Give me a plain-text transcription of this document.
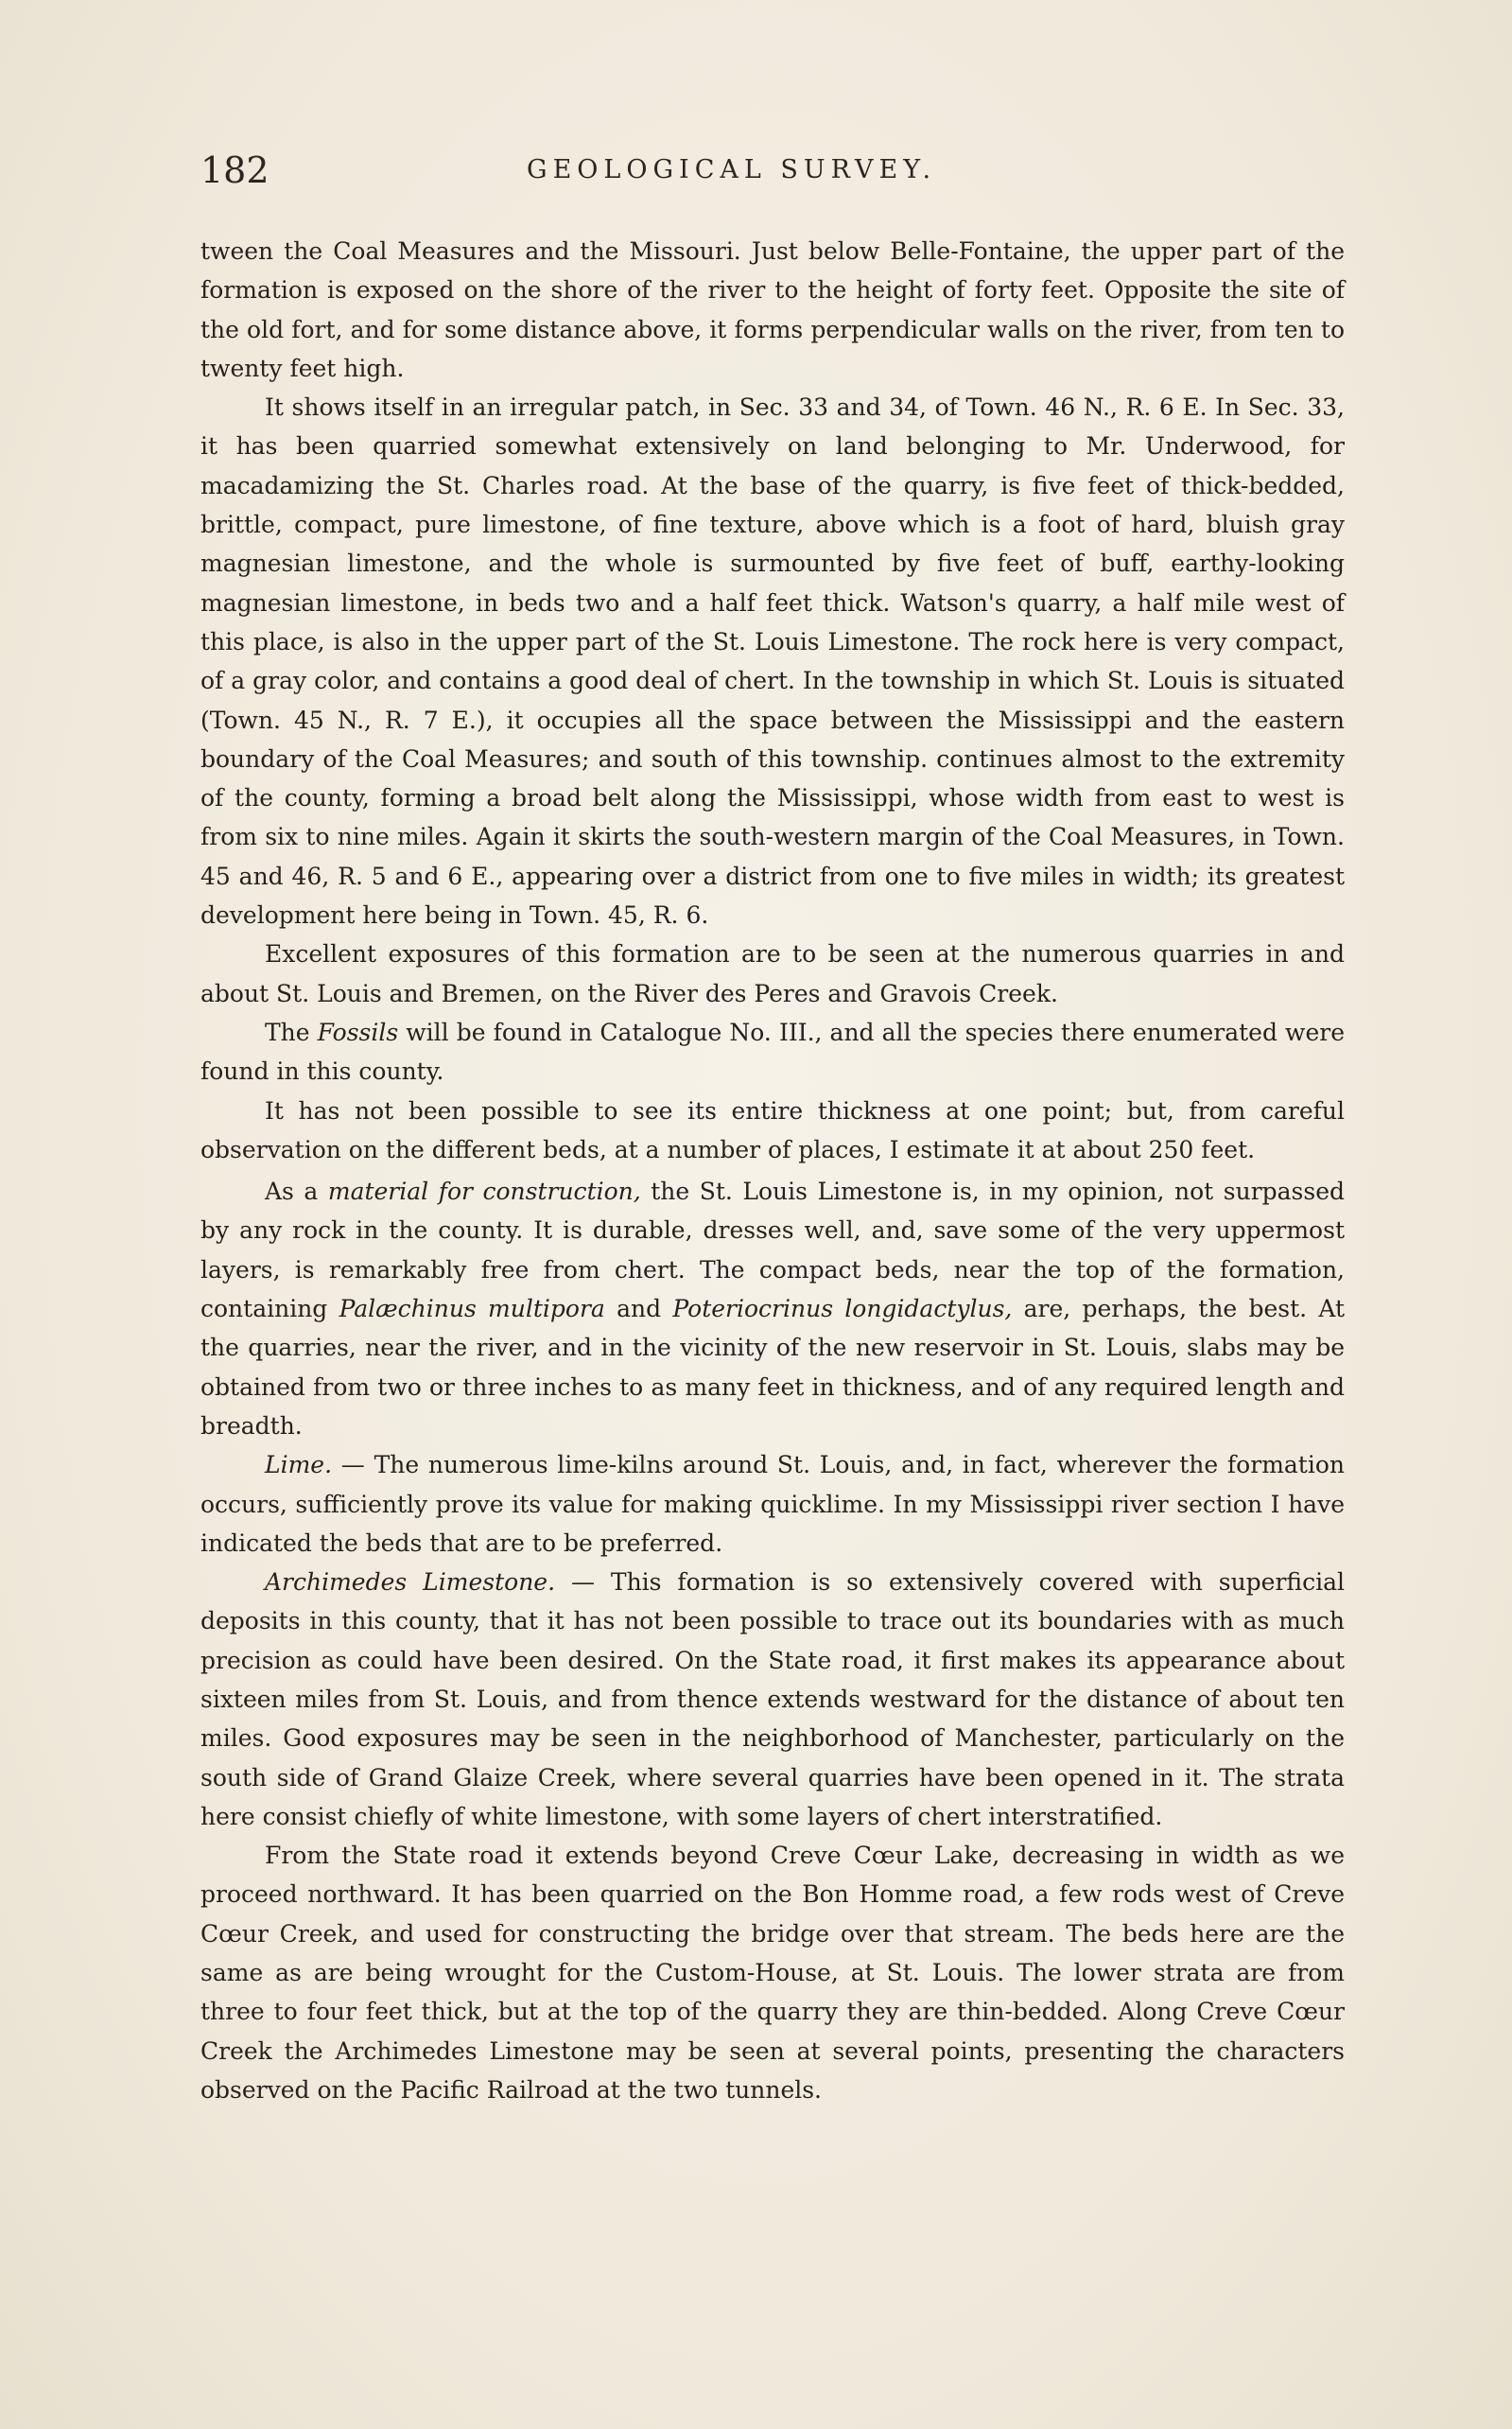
182	GEOLOGICAL SURVEY.

tween the Coal Measures and the Missouri. Just below Belle-Fontaine, the upper part of the formation is exposed on the shore of the river to the height of forty feet. Opposite the site of the old fort, and for some distance above, it forms perpendicular walls on the river, from ten to twenty feet high.

It shows itself in an irregular patch, in Sec. 33 and 34, of Town. 46 N., R. 6 E. In Sec. 33, it has been quarried somewhat extensively on land belonging to Mr. Underwood, for macadamizing the St. Charles road. At the base of the quarry, is five feet of thick-bedded, brittle, compact, pure limestone, of fine texture, above which is a foot of hard, bluish gray magnesian limestone, and the whole is surmounted by five feet of buff, earthy-looking magnesian limestone, in beds two and a half feet thick. Watson's quarry, a half mile west of this place, is also in the upper part of the St. Louis Limestone. The rock here is very compact, of a gray color, and contains a good deal of chert. In the township in which St. Louis is situated (Town. 45 N., R. 7 E.), it occupies all the space between the Mississippi and the eastern boundary of the Coal Measures; and south of this township. continues almost to the extremity of the county, forming a broad belt along the Mississippi, whose width from east to west is from six to nine miles. Again it skirts the south-western margin of the Coal Measures, in Town. 45 and 46, R. 5 and 6 E., appearing over a district from one to five miles in width; its greatest development here being in Town. 45, R. 6.

Excellent exposures of this formation are to be seen at the numerous quarries in and about St. Louis and Bremen, on the River des Peres and Gravois Creek.

The Fossils will be found in Catalogue No. III., and all the species there enumerated were found in this county.

It has not been possible to see its entire thickness at one point; but, from careful observation on the different beds, at a number of places, I estimate it at about 250 feet.

As a material for construction, the St. Louis Limestone is, in my opinion, not surpassed by any rock in the county. It is durable, dresses well, and, save some of the very uppermost layers, is remarkably free from chert. The compact beds, near the top of the formation, containing Palæchinus multipora and Poteriocrinus longidactylus, are, perhaps, the best. At the quarries, near the river, and in the vicinity of the new reservoir in St. Louis, slabs may be obtained from two or three inches to as many feet in thickness, and of any required length and breadth.

Lime. — The numerous lime-kilns around St. Louis, and, in fact, wherever the formation occurs, sufficiently prove its value for making quicklime. In my Mississippi river section I have indicated the beds that are to be preferred.

Archimedes Limestone. — This formation is so extensively covered with superficial deposits in this county, that it has not been possible to trace out its boundaries with as much precision as could have been desired. On the State road, it first makes its appearance about sixteen miles from St. Louis, and from thence extends westward for the distance of about ten miles. Good exposures may be seen in the neighborhood of Manchester, particularly on the south side of Grand Glaize Creek, where several quarries have been opened in it. The strata here consist chiefly of white limestone, with some layers of chert interstratified.

From the State road it extends beyond Creve Cœur Lake, decreasing in width as we proceed northward. It has been quarried on the Bon Homme road, a few rods west of Creve Cœur Creek, and used for constructing the bridge over that stream. The beds here are the same as are being wrought for the Custom-House, at St. Louis. The lower strata are from three to four feet thick, but at the top of the quarry they are thin-bedded. Along Creve Cœur Creek the Archimedes Limestone may be seen at several points, presenting the characters observed on the Pacific Railroad at the two tunnels.
